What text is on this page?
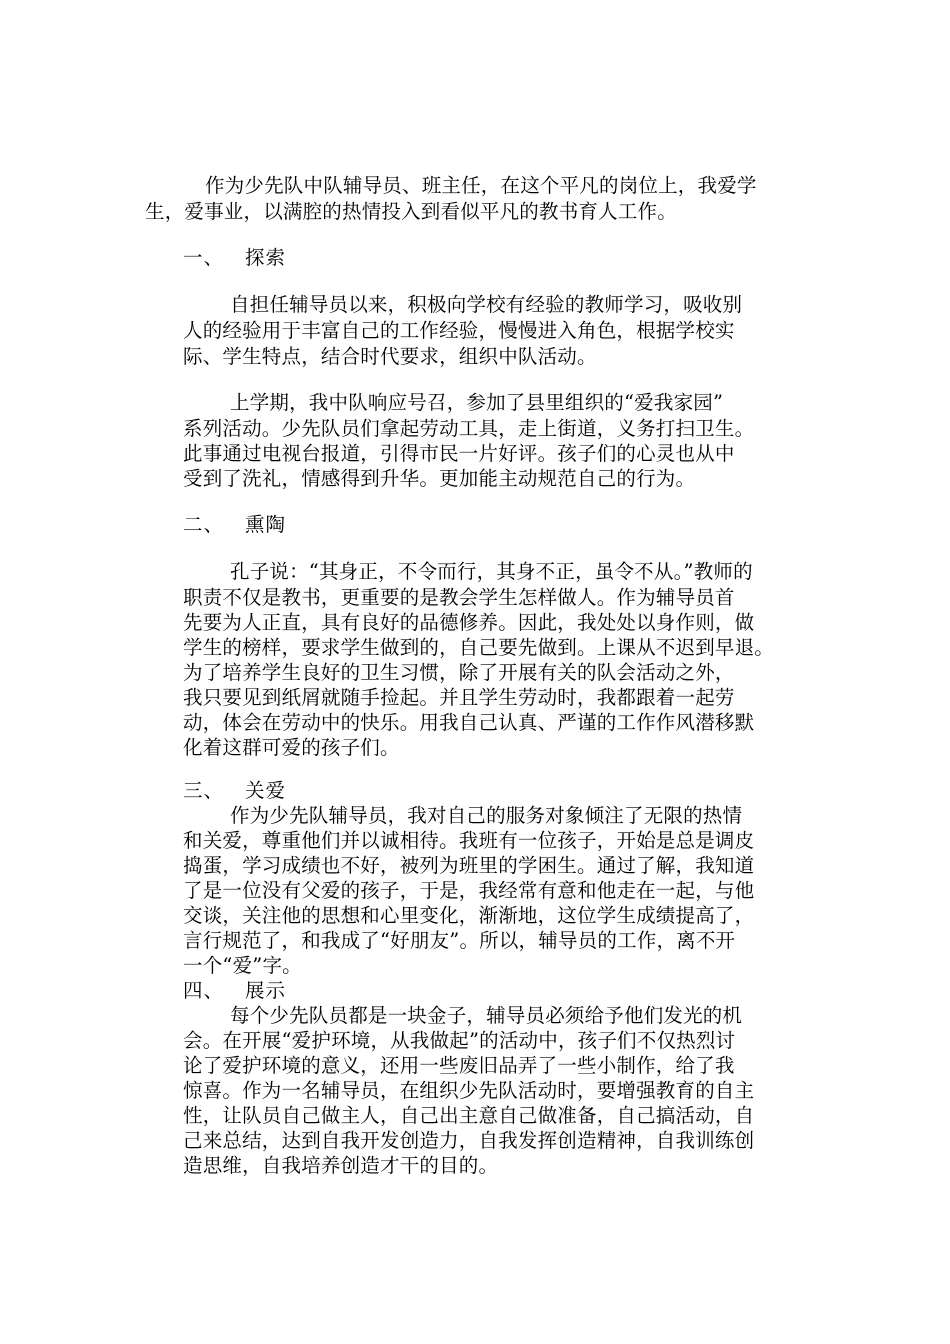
作为少先队中队辅导员、班主任，在这个平凡的岗位上，我爱学
生，爱事业，以满腔的热情投入到看似平凡的教书育人工作。
一、 探索
自担任辅导员以来，积极向学校有经验的教师学习，吸收别
人的经验用于丰富自己的工作经验，慢慢进入角色，根据学校实
际、学生特点，结合时代要求，组织中队活动。
上学期，我中队响应号召，参加了县里组织的“爱我家园”
系列活动。少先队员们拿起劳动工具，走上街道，义务打扫卫生。
此事通过电视台报道，引得市民一片好评。孩子们的心灵也从中
受到了洗礼，情感得到升华。更加能主动规范自己的行为。
二、 熏陶
孔子说：“其身正，不令而行，其身不正，虽令不从。”教师的
职责不仅是教书，更重要的是教会学生怎样做人。作为辅导员首
先要为人正直，具有良好的品德修养。因此，我处处以身作则，做
学生的榜样，要求学生做到的，自己要先做到。上课从不迟到早退。
为了培养学生良好的卫生习惯，除了开展有关的队会活动之外，
我只要见到纸屑就随手捡起。并且学生劳动时，我都跟着一起劳
动，体会在劳动中的快乐。用我自己认真、严谨的工作作风潜移默
化着这群可爱的孩子们。
三、 关爱
作为少先队辅导员，我对自己的服务对象倾注了无限的热情
和关爱，尊重他们并以诚相待。我班有一位孩子，开始是总是调皮
捣蛋，学习成绩也不好，被列为班里的学困生。通过了解，我知道
了是一位没有父爱的孩子，于是，我经常有意和他走在一起，与他
交谈，关注他的思想和心里变化，渐渐地，这位学生成绩提高了，
言行规范了，和我成了“好朋友”。所以，辅导员的工作，离不开
一个“爱”字。
四、 展示
每个少先队员都是一块金子，辅导员必须给予他们发光的机
会。在开展“爱护环境，从我做起”的活动中，孩子们不仅热烈讨
论了爱护环境的意义，还用一些废旧品弄了一些小制作，给了我
惊喜。作为一名辅导员，在组织少先队活动时，要增强教育的自主
性，让队员自己做主人，自己出主意自己做准备，自己搞活动，自
己来总结，达到自我开发创造力，自我发挥创造精神，自我训练创
造思维，自我培养创造才干的目的。
